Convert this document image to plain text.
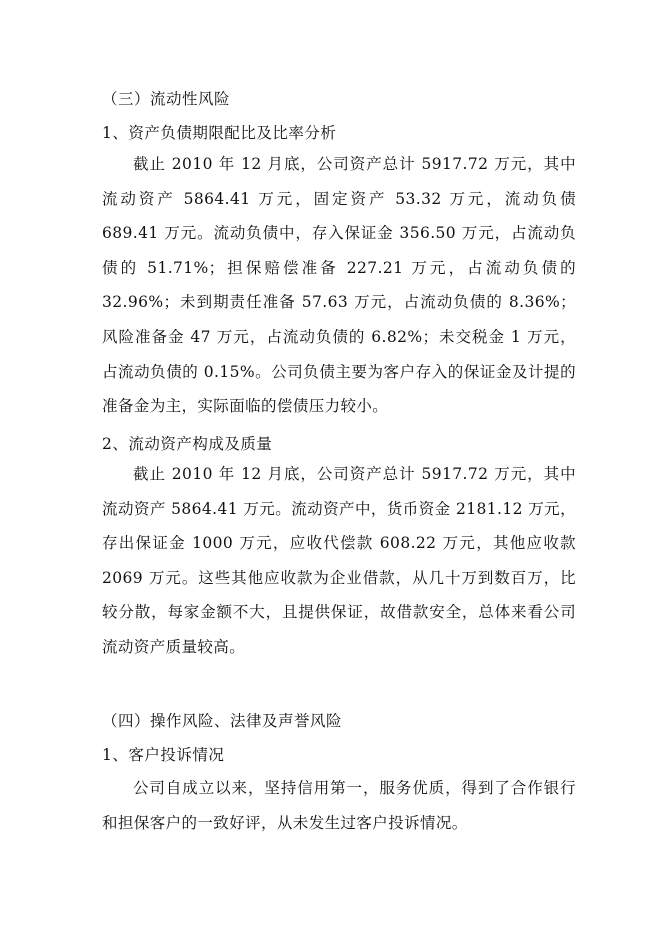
（三）流动性风险
1、资产负债期限配比及比率分析

截止 2010 年 12 月底，公司资产总计 5917.72 万元，其中流动资产 5864.41 万元，固定资产 53.32 万元，流动负债 689.41 万元。流动负债中，存入保证金 356.50 万元，占流动负债的 51.71%；担保赔偿准备 227.21 万元，占流动负债的 32.96%；未到期责任准备 57.63 万元，占流动负债的 8.36%；风险准备金 47 万元，占流动负债的 6.82%；未交税金 1 万元，占流动负债的 0.15%。公司负债主要为客户存入的保证金及计提的准备金为主，实际面临的偿债压力较小。

2、流动资产构成及质量

截止 2010 年 12 月底，公司资产总计 5917.72 万元，其中流动资产 5864.41 万元。流动资产中，货币资金 2181.12 万元，存出保证金 1000 万元，应收代偿款 608.22 万元，其他应收款 2069 万元。这些其他应收款为企业借款，从几十万到数百万，比较分散，每家金额不大，且提供保证，故借款安全，总体来看公司流动资产质量较高。

（四）操作风险、法律及声誉风险
1、客户投诉情况

公司自成立以来，坚持信用第一，服务优质，得到了合作银行和担保客户的一致好评，从未发生过客户投诉情况。
